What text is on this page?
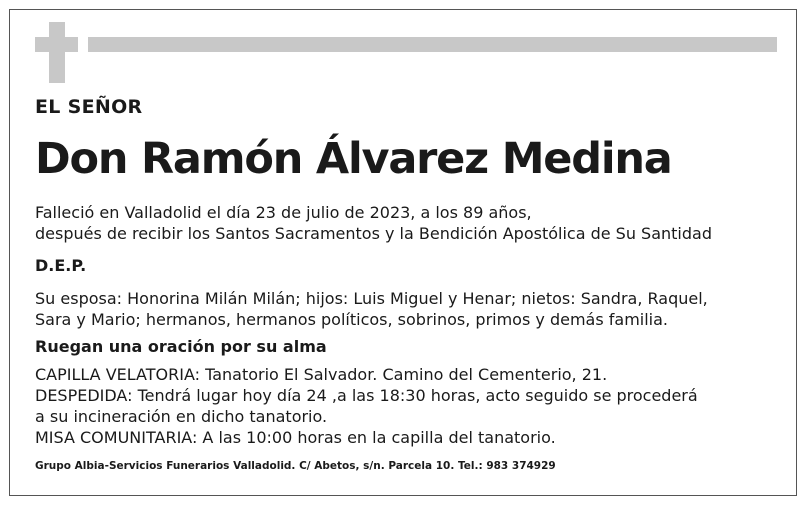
EL SEÑOR
Don Ramón Álvarez Medina
Falleció en Valladolid el día 23 de julio de 2023, a los 89 años,
después de recibir los Santos Sacramentos y la Bendición Apostólica de Su Santidad
D.E.P.
Su esposa: Honorina Milán Milán; hijos: Luis Miguel y Henar; nietos: Sandra, Raquel,
Sara y Mario; hermanos, hermanos políticos, sobrinos, primos y demás familia.
Ruegan una oración por su alma
CAPILLA VELATORIA: Tanatorio El Salvador. Camino del Cementerio, 21.
DESPEDIDA: Tendrá lugar hoy día 24 ,a las 18:30 horas, acto seguido se procederá
a su incineración en dicho tanatorio.
MISA COMUNITARIA: A las 10:00 horas en la capilla del tanatorio.
Grupo Albia-Servicios Funerarios Valladolid. C/ Abetos, s/n. Parcela 10. Tel.: 983 374929
